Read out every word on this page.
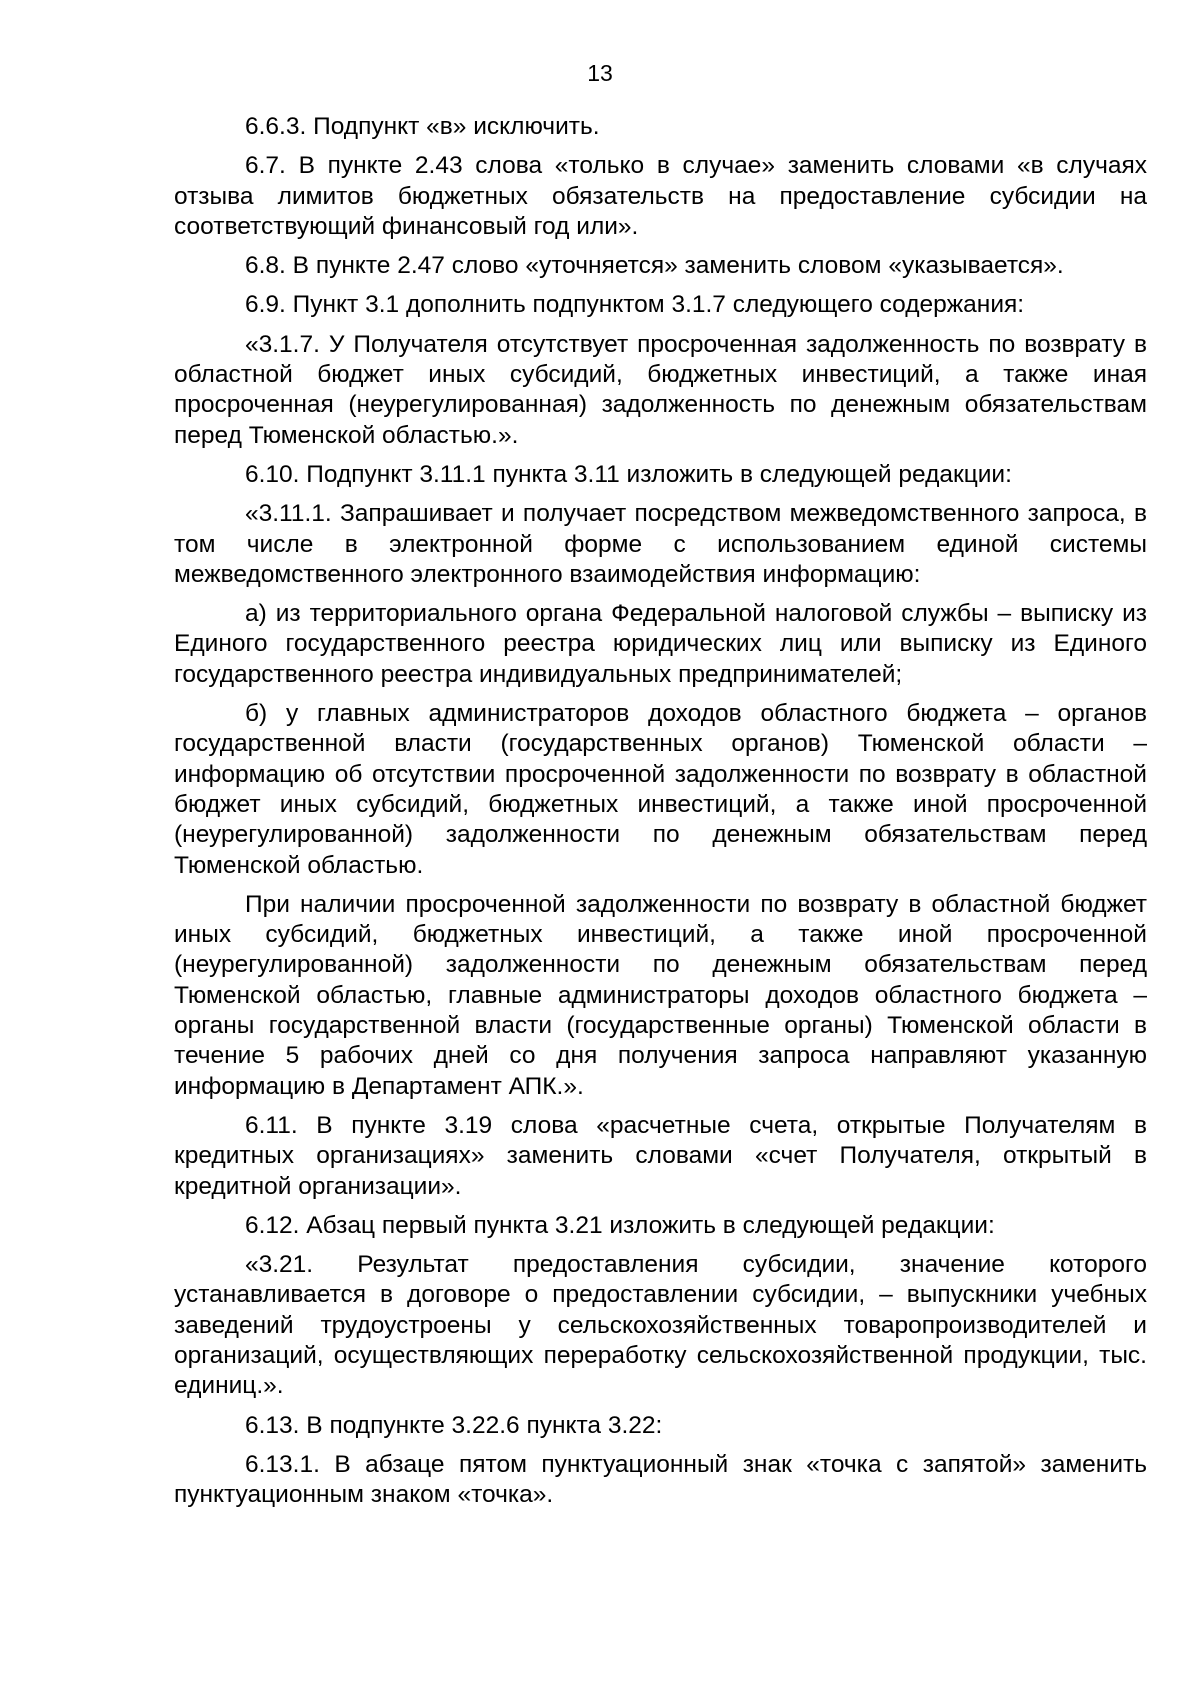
13

6.6.3. Подпункт «в» исключить.

6.7. В пункте 2.43 слова «только в случае» заменить словами «в случаях отзыва лимитов бюджетных обязательств на предоставление субсидии на соответствующий финансовый год или».

6.8. В пункте 2.47 слово «уточняется» заменить словом «указывается».

6.9. Пункт 3.1 дополнить подпунктом 3.1.7 следующего содержания:

«3.1.7. У Получателя отсутствует просроченная задолженность по возврату в областной бюджет иных субсидий, бюджетных инвестиций, а также иная просроченная (неурегулированная) задолженность по денежным обязательствам перед Тюменской областью.».

6.10. Подпункт 3.11.1 пункта 3.11 изложить в следующей редакции:

«3.11.1. Запрашивает и получает посредством межведомственного запроса, в том числе в электронной форме с использованием единой системы межведомственного электронного взаимодействия информацию:

а) из территориального органа Федеральной налоговой службы – выписку из Единого государственного реестра юридических лиц или выписку из Единого государственного реестра индивидуальных предпринимателей;

б) у главных администраторов доходов областного бюджета – органов государственной власти (государственных органов) Тюменской области – информацию об отсутствии просроченной задолженности по возврату в областной бюджет иных субсидий, бюджетных инвестиций, а также иной просроченной (неурегулированной) задолженности по денежным обязательствам перед Тюменской областью.

При наличии просроченной задолженности по возврату в областной бюджет иных субсидий, бюджетных инвестиций, а также иной просроченной (неурегулированной) задолженности по денежным обязательствам перед Тюменской областью, главные администраторы доходов областного бюджета – органы государственной власти (государственные органы) Тюменской области в течение 5 рабочих дней со дня получения запроса направляют указанную информацию в Департамент АПК.».

6.11. В пункте 3.19 слова «расчетные счета, открытые Получателям в кредитных организациях» заменить словами «счет Получателя, открытый в кредитной организации».

6.12. Абзац первый пункта 3.21 изложить в следующей редакции:

«3.21. Результат предоставления субсидии, значение которого устанавливается в договоре о предоставлении субсидии, – выпускники учебных заведений трудоустроены у сельскохозяйственных товаропроизводителей и организаций, осуществляющих переработку сельскохозяйственной продукции, тыс. единиц.».

6.13. В подпункте 3.22.6 пункта 3.22:

6.13.1. В абзаце пятом пунктуационный знак «точка с запятой» заменить пунктуационным знаком «точка».
